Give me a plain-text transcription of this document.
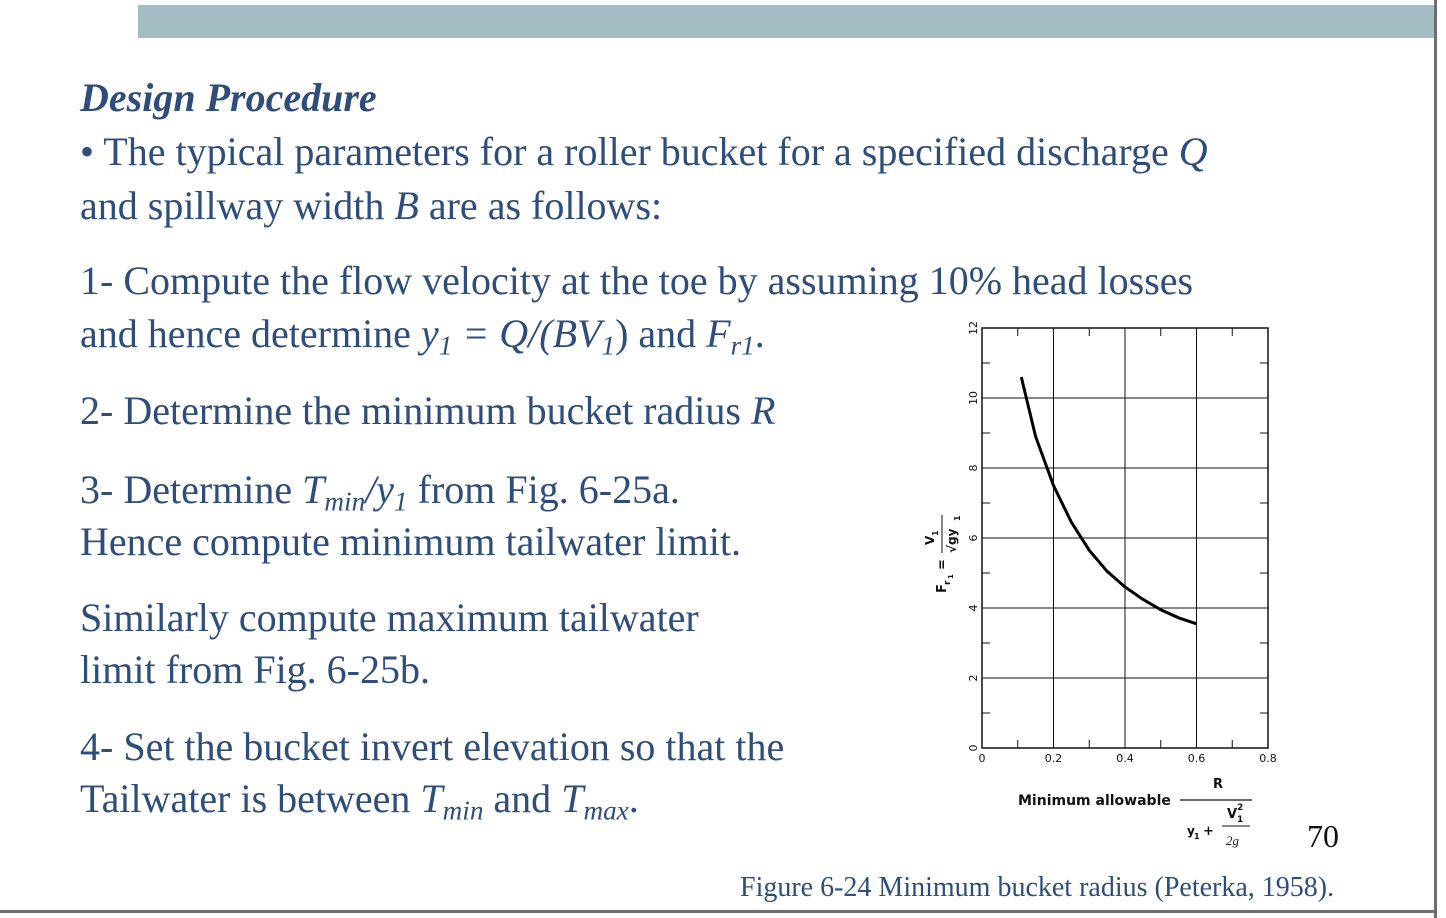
Design Procedure
• The typical parameters for a roller bucket for a specified discharge Q
and spillway width B are as follows:
1- Compute the flow velocity at the toe by assuming 10% head losses
and hence determine $y_1 = Q/(BV_1)$ and $F_{r1}$.
2- Determine the minimum bucket radius R
3- Determine $T_{min}/y_1$ from Fig. 6-25a.
Hence compute minimum tailwater limit.
Similarly compute maximum tailwater
limit from Fig. 6-25b.
4- Set the bucket invert elevation so that the
Tailwater is between $T_{min}$ and $T_{max}$.
70
Figure 6-24 Minimum bucket radius (Peterka, 1958).
0	0.2	0.4	0.6	0.8
0
2
4
6
8
10
12
Minimum allowable
R
y 1 +
V 2
1
2g
F
r
1
=
V
1 √gy
1
